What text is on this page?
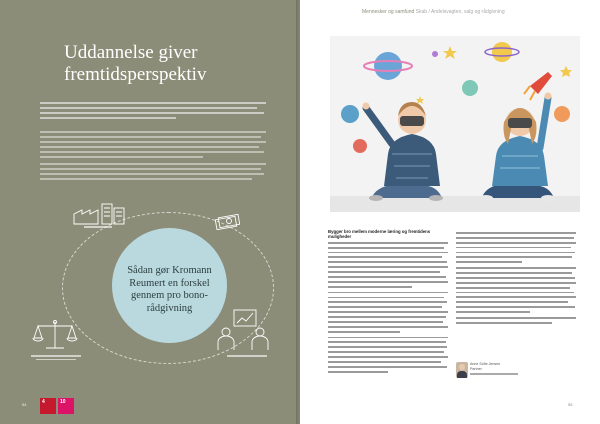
Uddannelse giver fremtidsperspektiv
Sådan gør Kromann Reumert en forskel gennem pro bono-rådgivning
4	10
54
Mennesker og samfund Skab / Andelsvagten, salg og rådgivning
Bygger bro mellem moderne læring og fremtidens muligheder
Anne Sofie Jensen
Partner
55
